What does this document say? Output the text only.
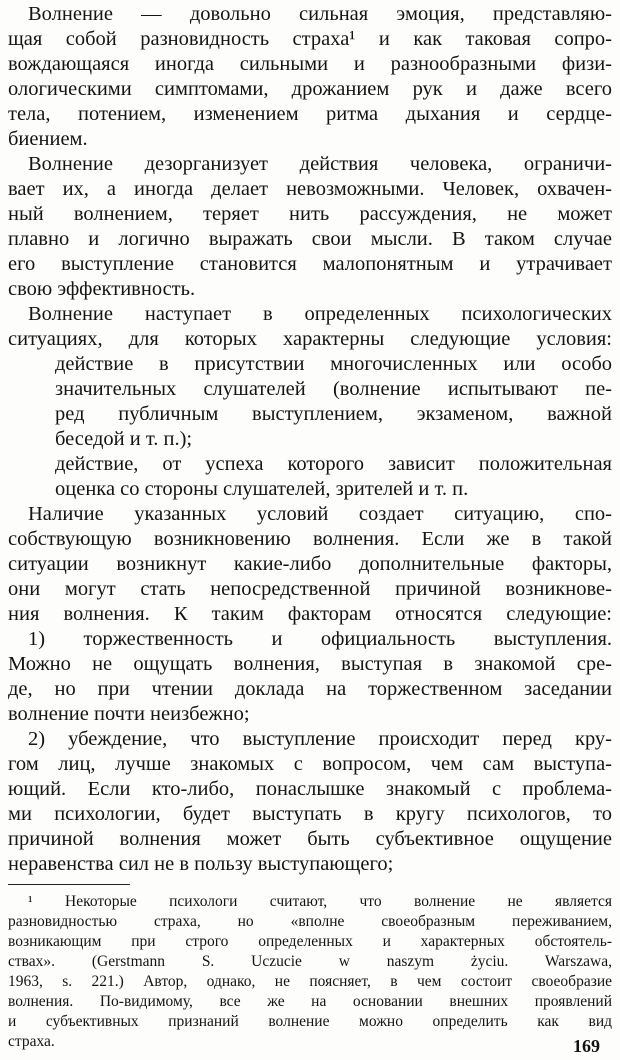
Волнение — довольно сильная эмоция, представляю-
щая собой разновидность страха¹ и как таковая сопро-
вождающаяся иногда сильными и разнообразными физи-
ологическими симптомами, дрожанием рук и даже всего
тела, потением, изменением ритма дыхания и сердце-
биением.
Волнение дезорганизует действия человека, ограничи-
вает их, а иногда делает невозможными. Человек, охвачен-
ный волнением, теряет нить рассуждения, не может
плавно и логично выражать свои мысли. В таком случае
его выступление становится малопонятным и утрачивает
свою эффективность.
Волнение наступает в определенных психологических
ситуациях, для которых характерны следующие условия:
действие в присутствии многочисленных или особо
значительных слушателей (волнение испытывают пе-
ред публичным выступлением, экзаменом, важной
беседой и т. п.);
действие, от успеха которого зависит положительная
оценка со стороны слушателей, зрителей и т. п.
Наличие указанных условий создает ситуацию, спо-
собствующую возникновению волнения. Если же в такой
ситуации возникнут какие-либо дополнительные факторы,
они могут стать непосредственной причиной возникнове-
ния волнения. К таким факторам относятся следующие:
1) торжественность и официальность выступления.
Можно не ощущать волнения, выступая в знакомой сре-
де, но при чтении доклада на торжественном заседании
волнение почти неизбежно;
2) убеждение, что выступление происходит перед кру-
гом лиц, лучше знакомых с вопросом, чем сам выступа-
ющий. Если кто-либо, понаслышке знакомый с проблема-
ми психологии, будет выступать в кругу психологов, то
причиной волнения может быть субъективное ощущение
неравенства сил не в пользу выступающего;
¹ Некоторые психологи считают, что волнение не является
разновидностью страха, но «вполне своеобразным переживанием,
возникающим при строго определенных и характерных обстоятель-
ствах». (Gerstmann S. Uczucie w naszym życiu. Warszawa,
1963, s. 221.) Автор, однако, не поясняет, в чем состоит своеобразие
волнения. По-видимому, все же на основании внешних проявлений
и субъективных признаний волнение можно определить как вид
страха.	169
